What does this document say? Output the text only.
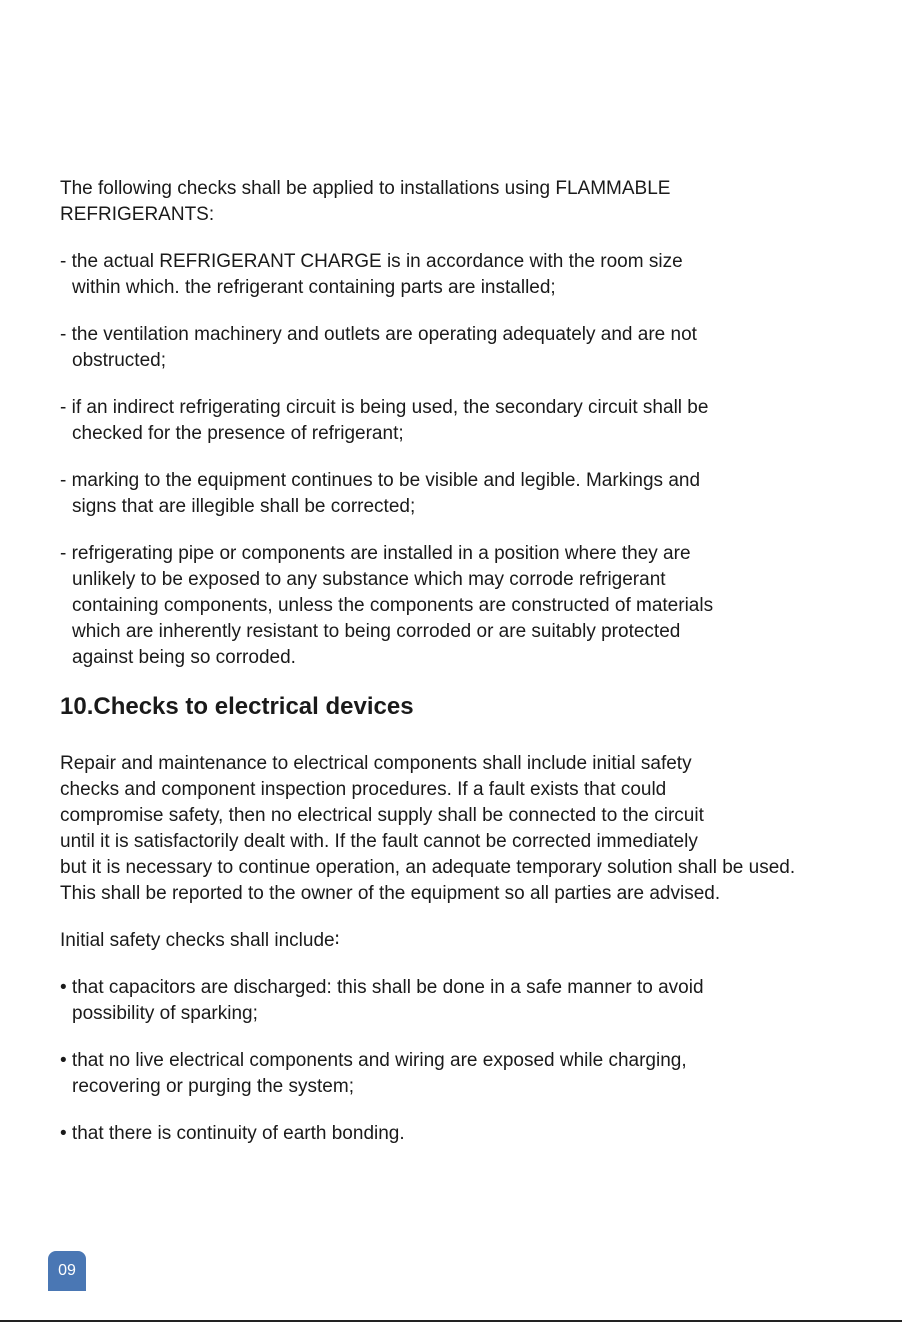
The following checks shall be applied to installations using FLAMMABLE

REFRIGERANTS:

- the actual REFRIGERANT CHARGE is in accordance with the room size

within which. the refrigerant containing parts are installed;

- the ventilation machinery and outlets are operating adequately and are not

obstructed;

- if an indirect refrigerating circuit is being used, the secondary circuit shall be

checked for the presence of refrigerant;

- marking to the equipment continues to be visible and legible. Markings and

signs that are illegible shall be corrected;

- refrigerating pipe or components are installed in a position where they are

unlikely to be exposed to any substance which may corrode refrigerant

containing components, unless the components are constructed of materials

which are inherently resistant to being corroded or are suitably protected

against being so corroded.

10.Checks to electrical devices

Repair and maintenance to electrical components shall include initial safety

checks and component inspection procedures. If a fault exists that could

compromise safety, then no electrical supply shall be connected to the circuit

until it is satisfactorily dealt with. If the fault cannot be corrected immediately

but it is necessary to continue operation, an adequate temporary solution shall be used.

This shall be reported to the owner of the equipment so all parties are advised.

Initial safety checks shall include∶

• that capacitors are discharged: this shall be done in a safe manner to avoid

possibility of sparking;

• that no live electrical components and wiring are exposed while charging,

recovering or purging the system;

• that there is continuity of earth bonding.

09
